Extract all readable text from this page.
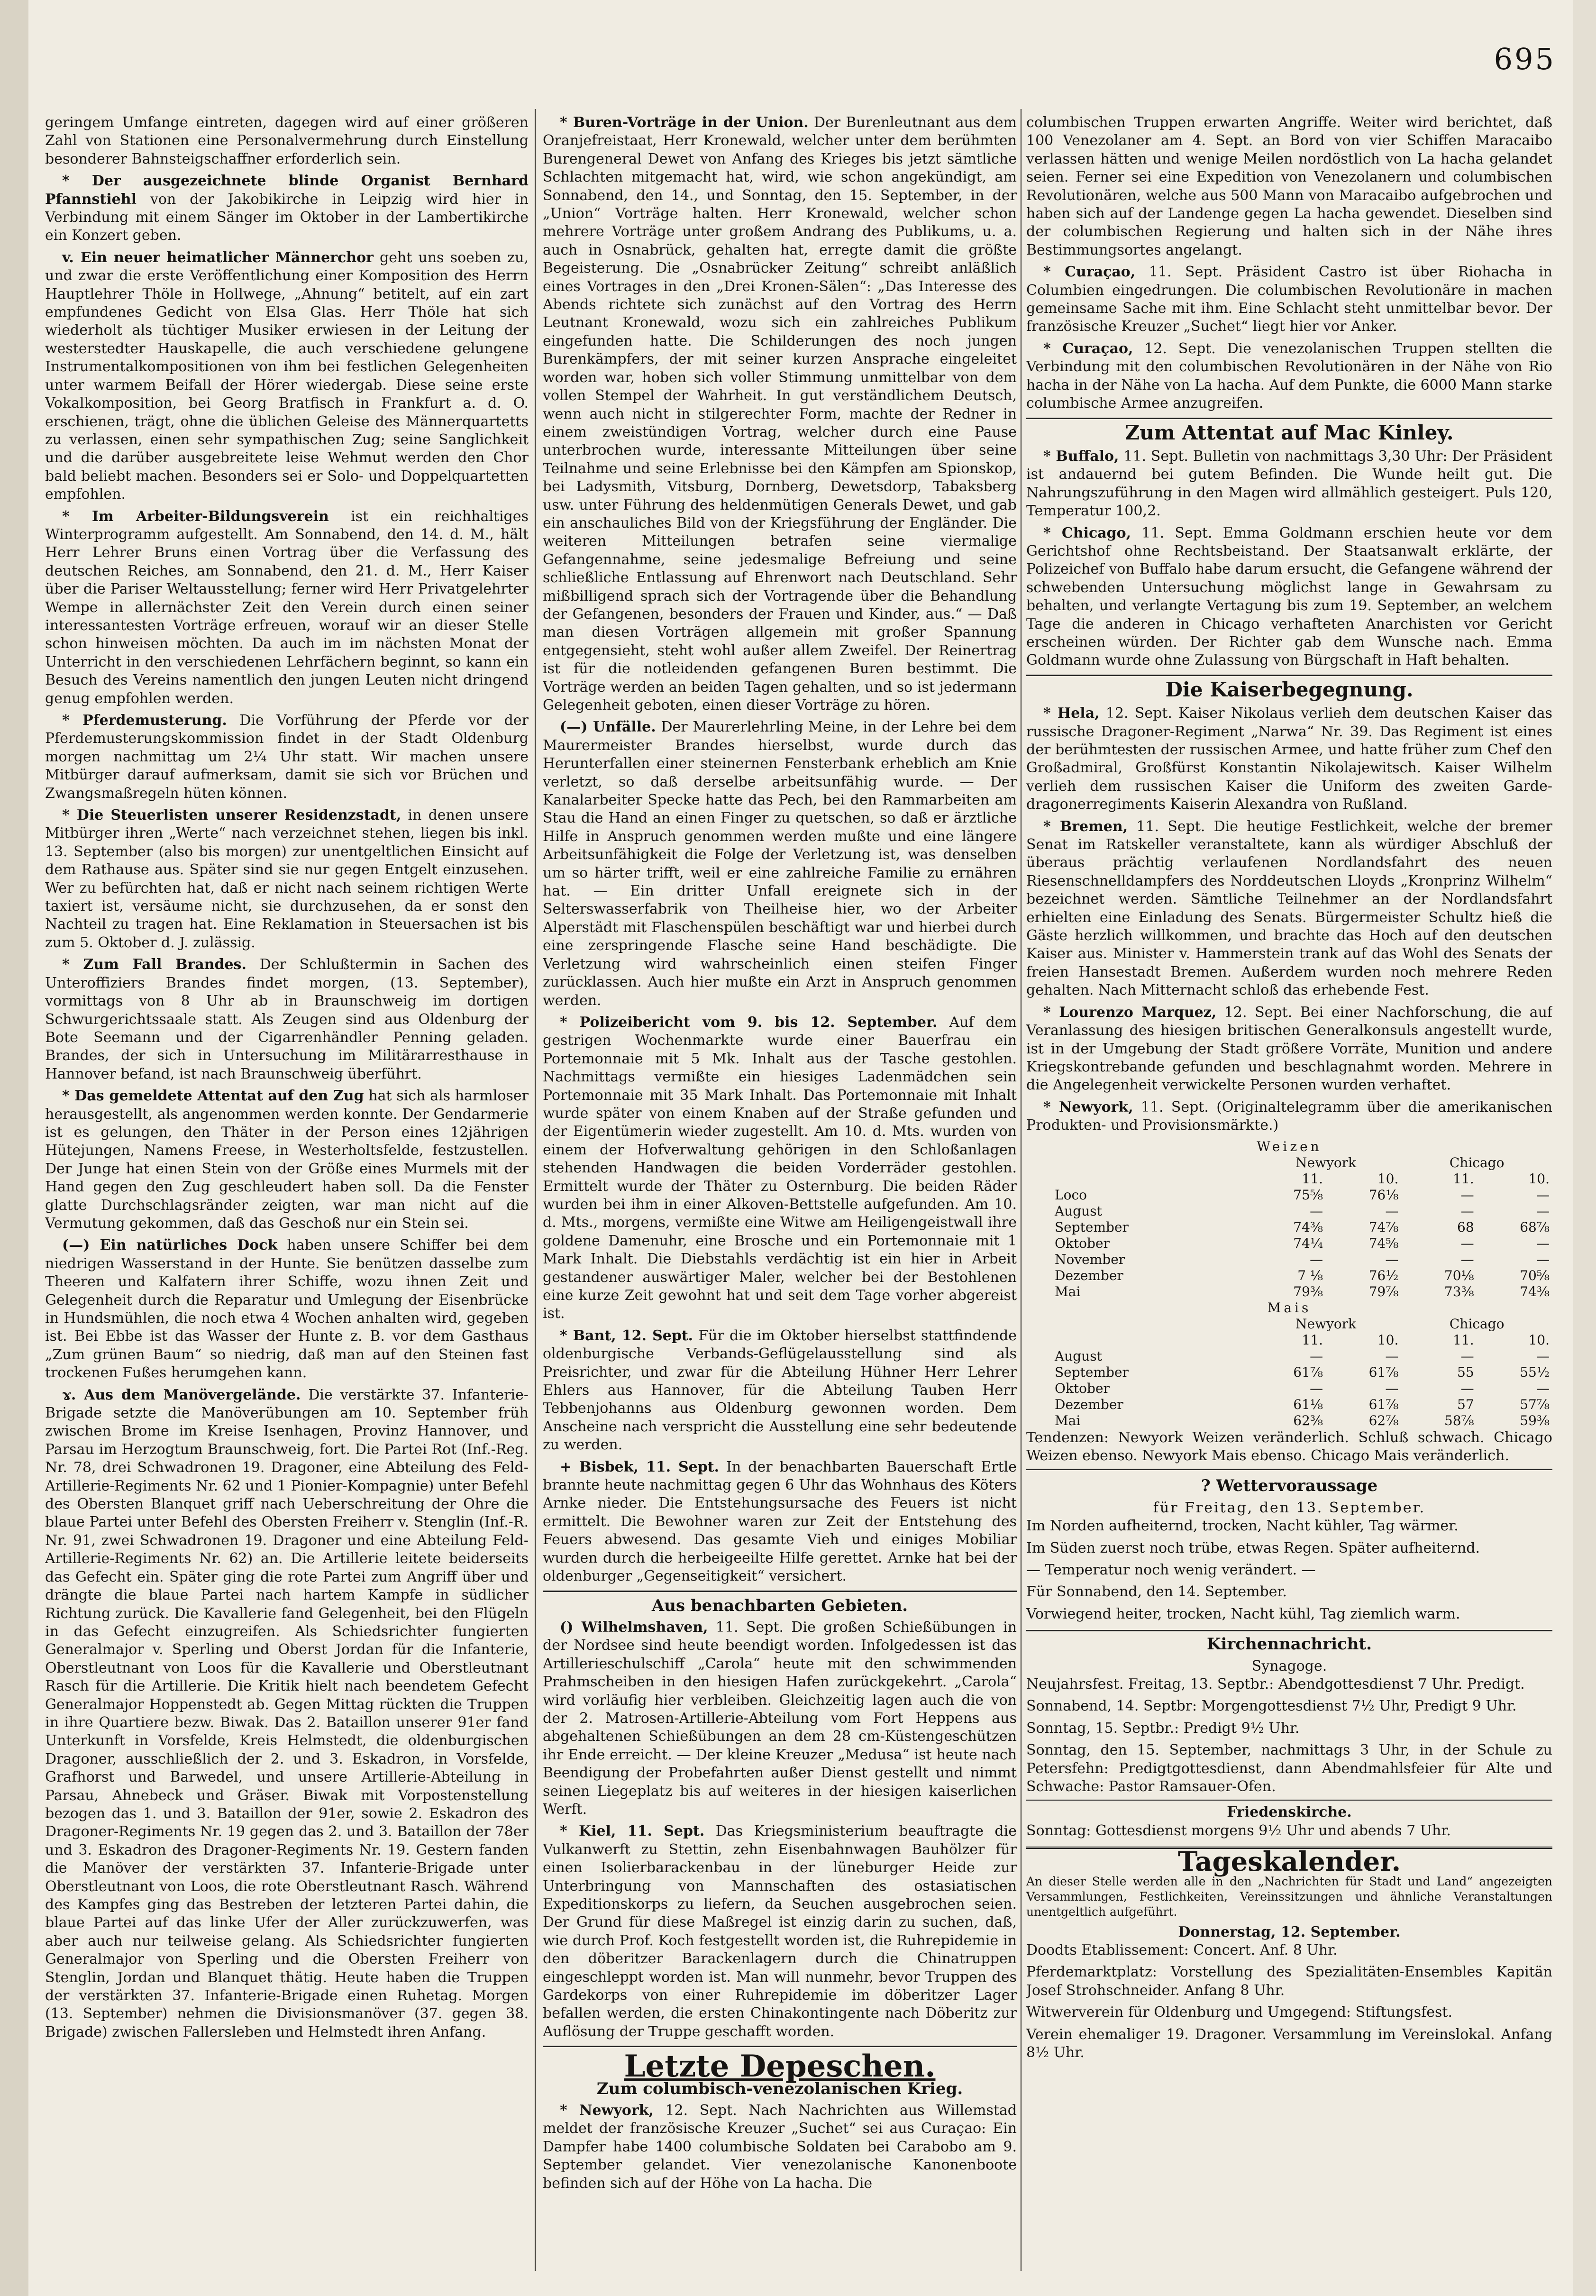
695

geringem Umfange eintreten, dagegen wird auf einer größeren Zahl von Stationen eine Personalvermehrung durch Einstellung besonderer Bahnsteigschaffner erforderlich sein.

* Der ausgezeichnete blinde Organist Bernhard Pfannstiehl von der Jakobikirche in Leipzig wird hier in Verbindung mit einem Sänger im Oktober in der Lambertikirche ein Konzert geben.

v. Ein neuer heimatlicher Männerchor geht uns soeben zu, und zwar die erste Veröffentlichung einer Komposition des Herrn Hauptlehrer Thöle in Hollwege, „Ahnung“ betitelt, auf ein zart empfundenes Gedicht von Elsa Glas. Herr Thöle hat sich wiederholt als tüchtiger Musiker erwiesen in der Leitung der westerstedter Hauskapelle, die auch verschiedene gelungene Instrumentalkompositionen von ihm bei festlichen Gelegenheiten unter warmem Beifall der Hörer wiedergab. Diese seine erste Vokalkomposition, bei Georg Bratfisch in Frankfurt a. d. O. erschienen, trägt, ohne die üblichen Geleise des Männerquartetts zu verlassen, einen sehr sympathischen Zug; seine Sanglichkeit und die darüber ausgebreitete leise Wehmut werden den Chor bald beliebt machen. Besonders sei er Solo- und Doppelquartetten empfohlen.

* Im Arbeiter-Bildungsverein ist ein reichhaltiges Winterprogramm aufgestellt. Am Sonnabend, den 14. d. M., hält Herr Lehrer Bruns einen Vortrag über die Verfassung des deutschen Reiches, am Sonnabend, den 21. d. M., Herr Kaiser über die Pariser Weltausstellung; ferner wird Herr Privatgelehrter Wempe in allernächster Zeit den Verein durch einen seiner interessantesten Vorträge erfreuen, worauf wir an dieser Stelle schon hinweisen möchten. Da auch im im nächsten Monat der Unterricht in den verschiedenen Lehrfächern beginnt, so kann ein Besuch des Vereins namentlich den jungen Leuten nicht dringend genug empfohlen werden.

* Pferdemusterung. Die Vorführung der Pferde vor der Pferdemusterungskommission findet in der Stadt Oldenburg morgen nachmittag um 2¼ Uhr statt. Wir machen unsere Mitbürger darauf aufmerksam, damit sie sich vor Brüchen und Zwangsmaßregeln hüten können.

* Die Steuerlisten unserer Residenzstadt, in denen unsere Mitbürger ihren „Werte“ nach verzeichnet stehen, liegen bis inkl. 13. September (also bis morgen) zur unentgeltlichen Einsicht auf dem Rathause aus. Später sind sie nur gegen Entgelt einzusehen. Wer zu befürchten hat, daß er nicht nach seinem richtigen Werte taxiert ist, versäume nicht, sie durchzusehen, da er sonst den Nachteil zu tragen hat. Eine Reklamation in Steuersachen ist bis zum 5. Oktober d. J. zulässig.

* Zum Fall Brandes. Der Schlußtermin in Sachen des Unteroffiziers Brandes findet morgen, (13. September), vormittags von 8 Uhr ab in Braunschweig im dortigen Schwurgerichtssaale statt. Als Zeugen sind aus Oldenburg der Bote Seemann und der Cigarrenhändler Penning geladen. Brandes, der sich in Untersuchung im Militärarresthause in Hannover befand, ist nach Braunschweig überführt.

* Das gemeldete Attentat auf den Zug hat sich als harmloser herausgestellt, als angenommen werden konnte. Der Gendarmerie ist es gelungen, den Thäter in der Person eines 12jährigen Hütejungen, Namens Freese, in Westerholtsfelde, festzustellen. Der Junge hat einen Stein von der Größe eines Murmels mit der Hand gegen den Zug geschleudert haben soll. Da die Fenster glatte Durchschlagsränder zeigten, war man nicht auf die Vermutung gekommen, daß das Geschoß nur ein Stein sei.

(—) Ein natürliches Dock haben unsere Schiffer bei dem niedrigen Wasserstand in der Hunte. Sie benützen dasselbe zum Theeren und Kalfatern ihrer Schiffe, wozu ihnen Zeit und Gelegenheit durch die Reparatur und Umlegung der Eisenbrücke in Hundsmühlen, die noch etwa 4 Wochen anhalten wird, gegeben ist. Bei Ebbe ist das Wasser der Hunte z. B. vor dem Gasthaus „Zum grünen Baum“ so niedrig, daß man auf den Steinen fast trockenen Fußes herumgehen kann.

ɤ. Aus dem Manövergelände. Die verstärkte 37. Infanterie-Brigade setzte die Manöverübungen am 10. September früh zwischen Brome im Kreise Isenhagen, Provinz Hannover, und Parsau im Herzogtum Braunschweig, fort. Die Partei Rot (Inf.-Reg. Nr. 78, drei Schwadronen 19. Dragoner, eine Abteilung des Feld-Artillerie-Regiments Nr. 62 und 1 Pionier-Kompagnie) unter Befehl des Obersten Blanquet griff nach Ueberschreitung der Ohre die blaue Partei unter Befehl des Obersten Freiherr v. Stenglin (Inf.-R. Nr. 91, zwei Schwadronen 19. Dragoner und eine Abteilung Feld-Artillerie-Regiments Nr. 62) an. Die Artillerie leitete beiderseits das Gefecht ein. Später ging die rote Partei zum Angriff über und drängte die blaue Partei nach hartem Kampfe in südlicher Richtung zurück. Die Kavallerie fand Gelegenheit, bei den Flügeln in das Gefecht einzugreifen. Als Schiedsrichter fungierten Generalmajor v. Sperling und Oberst Jordan für die Infanterie, Oberstleutnant von Loos für die Kavallerie und Oberstleutnant Rasch für die Artillerie. Die Kritik hielt nach beendetem Gefecht Generalmajor Hoppenstedt ab. Gegen Mittag rückten die Truppen in ihre Quartiere bezw. Biwak. Das 2. Bataillon unserer 91er fand Unterkunft in Vorsfelde, Kreis Helmstedt, die oldenburgischen Dragoner, ausschließlich der 2. und 3. Eskadron, in Vorsfelde, Grafhorst und Barwedel, und unsere Artillerie-Abteilung in Parsau, Ahnebeck und Gräser. Biwak mit Vorpostenstellung bezogen das 1. und 3. Bataillon der 91er, sowie 2. Eskadron des Dragoner-Regiments Nr. 19 gegen das 2. und 3. Bataillon der 78er und 3. Eskadron des Dragoner-Regiments Nr. 19. Gestern fanden die Manöver der verstärkten 37. Infanterie-Brigade unter Oberstleutnant von Loos, die rote Oberstleutnant Rasch. Während des Kampfes ging das Bestreben der letzteren Partei dahin, die blaue Partei auf das linke Ufer der Aller zurückzuwerfen, was aber auch nur teilweise gelang. Als Schiedsrichter fungierten Generalmajor von Sperling und die Obersten Freiherr von Stenglin, Jordan und Blanquet thätig. Heute haben die Truppen der verstärkten 37. Infanterie-Brigade einen Ruhetag. Morgen (13. September) nehmen die Divisionsmanöver (37. gegen 38. Brigade) zwischen Fallersleben und Helmstedt ihren Anfang.

* Buren-Vorträge in der Union. Der Burenleutnant aus dem Oranjefreistaat, Herr Kronewald, welcher unter dem berühmten Burengeneral Dewet von Anfang des Krieges bis jetzt sämtliche Schlachten mitgemacht hat, wird, wie schon angekündigt, am Sonnabend, den 14., und Sonntag, den 15. September, in der „Union“ Vorträge halten. Herr Kronewald, welcher schon mehrere Vorträge unter großem Andrang des Publikums, u. a. auch in Osnabrück, gehalten hat, erregte damit die größte Begeisterung. Die „Osnabrücker Zeitung“ schreibt anläßlich eines Vortrages in den „Drei Kronen-Sälen“: „Das Interesse des Abends richtete sich zunächst auf den Vortrag des Herrn Leutnant Kronewald, wozu sich ein zahlreiches Publikum eingefunden hatte. Die Schilderungen des noch jungen Burenkämpfers, der mit seiner kurzen Ansprache eingeleitet worden war, hoben sich voller Stimmung unmittelbar von dem vollen Stempel der Wahrheit. In gut verständlichem Deutsch, wenn auch nicht in stilgerechter Form, machte der Redner in einem zweistündigen Vortrag, welcher durch eine Pause unterbrochen wurde, interessante Mitteilungen über seine Teilnahme und seine Erlebnisse bei den Kämpfen am Spionskop, bei Ladysmith, Vitsburg, Dornberg, Dewetsdorp, Tabaksberg usw. unter Führung des heldenmütigen Generals Dewet, und gab ein anschauliches Bild von der Kriegsführung der Engländer. Die weiteren Mitteilungen betrafen seine viermalige Gefangennahme, seine jedesmalige Befreiung und seine schließliche Entlassung auf Ehrenwort nach Deutschland. Sehr mißbilligend sprach sich der Vortragende über die Behandlung der Gefangenen, besonders der Frauen und Kinder, aus.“ — Daß man diesen Vorträgen allgemein mit großer Spannung entgegensieht, steht wohl außer allem Zweifel. Der Reinertrag ist für die notleidenden gefangenen Buren bestimmt. Die Vorträge werden an beiden Tagen gehalten, und so ist jedermann Gelegenheit geboten, einen dieser Vorträge zu hören.

(—) Unfälle. Der Maurerlehrling Meine, in der Lehre bei dem Maurermeister Brandes hierselbst, wurde durch das Herunterfallen einer steinernen Fensterbank erheblich am Knie verletzt, so daß derselbe arbeitsunfähig wurde. — Der Kanalarbeiter Specke hatte das Pech, bei den Rammarbeiten am Stau die Hand an einen Finger zu quetschen, so daß er ärztliche Hilfe in Anspruch genommen werden mußte und eine längere Arbeitsunfähigkeit die Folge der Verletzung ist, was denselben um so härter trifft, weil er eine zahlreiche Familie zu ernähren hat. — Ein dritter Unfall ereignete sich in der Selterswasserfabrik von Theilheise hier, wo der Arbeiter Alperstädt mit Flaschenspülen beschäftigt war und hierbei durch eine zerspringende Flasche seine Hand beschädigte. Die Verletzung wird wahrscheinlich einen steifen Finger zurücklassen. Auch hier mußte ein Arzt in Anspruch genommen werden.

* Polizeibericht vom 9. bis 12. September. Auf dem gestrigen Wochenmarkte wurde einer Bauerfrau ein Portemonnaie mit 5 Mk. Inhalt aus der Tasche gestohlen. Nachmittags vermißte ein hiesiges Ladenmädchen sein Portemonnaie mit 35 Mark Inhalt. Das Portemonnaie mit Inhalt wurde später von einem Knaben auf der Straße gefunden und der Eigentümerin wieder zugestellt. Am 10. d. Mts. wurden von einem der Hofverwaltung gehörigen in den Schloßanlagen stehenden Handwagen die beiden Vorderräder gestohlen. Ermittelt wurde der Thäter zu Osternburg. Die beiden Räder wurden bei ihm in einer Alkoven-Bettstelle aufgefunden. Am 10. d. Mts., morgens, vermißte eine Witwe am Heiligengeistwall ihre goldene Damenuhr, eine Brosche und ein Portemonnaie mit 1 Mark Inhalt. Die Diebstahls verdächtig ist ein hier in Arbeit gestandener auswärtiger Maler, welcher bei der Bestohlenen eine kurze Zeit gewohnt hat und seit dem Tage vorher abgereist ist.

* Bant, 12. Sept. Für die im Oktober hierselbst stattfindende oldenburgische Verbands-Geflügelausstellung sind als Preisrichter, und zwar für die Abteilung Hühner Herr Lehrer Ehlers aus Hannover, für die Abteilung Tauben Herr Tebbenjohanns aus Oldenburg gewonnen worden. Dem Anscheine nach verspricht die Ausstellung eine sehr bedeutende zu werden.

+ Bisbek, 11. Sept. In der benachbarten Bauerschaft Ertle brannte heute nachmittag gegen 6 Uhr das Wohnhaus des Köters Arnke nieder. Die Entstehungsursache des Feuers ist nicht ermittelt. Die Bewohner waren zur Zeit der Entstehung des Feuers abwesend. Das gesamte Vieh und einiges Mobiliar wurden durch die herbeigeeilte Hilfe gerettet. Arnke hat bei der oldenburger „Gegenseitigkeit“ versichert.

Aus benachbarten Gebieten.

() Wilhelmshaven, 11. Sept. Die großen Schießübungen in der Nordsee sind heute beendigt worden. Infolgedessen ist das Artillerieschulschiff „Carola“ heute mit den schwimmenden Prahmscheiben in den hiesigen Hafen zurückgekehrt. „Carola“ wird vorläufig hier verbleiben. Gleichzeitig lagen auch die von der 2. Matrosen-Artillerie-Abteilung vom Fort Heppens aus abgehaltenen Schießübungen an dem 28 cm-Küstengeschützen ihr Ende erreicht. — Der kleine Kreuzer „Medusa“ ist heute nach Beendigung der Probefahrten außer Dienst gestellt und nimmt seinen Liegeplatz bis auf weiteres in der hiesigen kaiserlichen Werft.

* Kiel, 11. Sept. Das Kriegsministerium beauftragte die Vulkanwerft zu Stettin, zehn Eisenbahnwagen Bauhölzer für einen Isolierbarackenbau in der lüneburger Heide zur Unterbringung von Mannschaften des ostasiatischen Expeditionskorps zu liefern, da Seuchen ausgebrochen seien. Der Grund für diese Maßregel ist einzig darin zu suchen, daß, wie durch Prof. Koch festgestellt worden ist, die Ruhrepidemie in den döberitzer Barackenlagern durch die Chinatruppen eingeschleppt worden ist. Man will nunmehr, bevor Truppen des Gardekorps von einer Ruhrepidemie im döberitzer Lager befallen werden, die ersten Chinakontingente nach Döberitz zur Auflösung der Truppe geschafft worden.

Letzte Depeschen.
Zum columbisch-venezolanischen Krieg.

* Newyork, 12. Sept. Nach Nachrichten aus Willemstad meldet der französische Kreuzer „Suchet“ sei aus Curaçao: Ein Dampfer habe 1400 columbische Soldaten bei Carabobo am 9. September gelandet. Vier venezolanische Kanonenboote befinden sich auf der Höhe von La hacha. Die

columbischen Truppen erwarten Angriffe. Weiter wird berichtet, daß 100 Venezolaner am 4. Sept. an Bord von vier Schiffen Maracaibo verlassen hätten und wenige Meilen nordöstlich von La hacha gelandet seien. Ferner sei eine Expedition von Venezolanern und columbischen Revolutionären, welche aus 500 Mann von Maracaibo aufgebrochen und haben sich auf der Landenge gegen La hacha gewendet. Dieselben sind der columbischen Regierung und halten sich in der Nähe ihres Bestimmungsortes angelangt.

* Curaçao, 11. Sept. Präsident Castro ist über Riohacha in Columbien eingedrungen. Die columbischen Revolutionäre in machen gemeinsame Sache mit ihm. Eine Schlacht steht unmittelbar bevor. Der französische Kreuzer „Suchet“ liegt hier vor Anker.

* Curaçao, 12. Sept. Die venezolanischen Truppen stellten die Verbindung mit den columbischen Revolutionären in der Nähe von Rio hacha in der Nähe von La hacha. Auf dem Punkte, die 6000 Mann starke columbische Armee anzugreifen.

Zum Attentat auf Mac Kinley.

* Buffalo, 11. Sept. Bulletin von nachmittags 3,30 Uhr: Der Präsident ist andauernd bei gutem Befinden. Die Wunde heilt gut. Die Nahrungszuführung in den Magen wird allmählich gesteigert. Puls 120, Temperatur 100,2.

* Chicago, 11. Sept. Emma Goldmann erschien heute vor dem Gerichtshof ohne Rechtsbeistand. Der Staatsanwalt erklärte, der Polizeichef von Buffalo habe darum ersucht, die Gefangene während der schwebenden Untersuchung möglichst lange in Gewahrsam zu behalten, und verlangte Vertagung bis zum 19. September, an welchem Tage die anderen in Chicago verhafteten Anarchisten vor Gericht erscheinen würden. Der Richter gab dem Wunsche nach. Emma Goldmann wurde ohne Zulassung von Bürgschaft in Haft behalten.

Die Kaiserbegegnung.

* Hela, 12. Sept. Kaiser Nikolaus verlieh dem deutschen Kaiser das russische Dragoner-Regiment „Narwa“ Nr. 39. Das Regiment ist eines der berühmtesten der russischen Armee, und hatte früher zum Chef den Großadmiral, Großfürst Konstantin Nikolajewitsch. Kaiser Wilhelm verlieh dem russischen Kaiser die Uniform des zweiten Garde-dragonerregiments Kaiserin Alexandra von Rußland.

* Bremen, 11. Sept. Die heutige Festlichkeit, welche der bremer Senat im Ratskeller veranstaltete, kann als würdiger Abschluß der überaus prächtig verlaufenen Nordlandsfahrt des neuen Riesenschnelldampfers des Norddeutschen Lloyds „Kronprinz Wilhelm“ bezeichnet werden. Sämtliche Teilnehmer an der Nordlandsfahrt erhielten eine Einladung des Senats. Bürgermeister Schultz hieß die Gäste herzlich willkommen, und brachte das Hoch auf den deutschen Kaiser aus. Minister v. Hammerstein trank auf das Wohl des Senats der freien Hansestadt Bremen. Außerdem wurden noch mehrere Reden gehalten. Nach Mitternacht schloß das erhebende Fest.

* Lourenzo Marquez, 12. Sept. Bei einer Nachforschung, die auf Veranlassung des hiesigen britischen Generalkonsuls angestellt wurde, ist in der Umgebung der Stadt größere Vorräte, Munition und andere Kriegskontrebande gefunden und beschlagnahmt worden. Mehrere in die Angelegenheit verwickelte Personen wurden verhaftet.

* Newyork, 11. Sept. (Originaltelegramm über die amerikanischen Produkten- und Provisionsmärkte.)

Weizen				
	Newyork		Chicago	
	11.	10.	11.	10.
Loco	75⅝	76⅛	—	—
August	—	—	—	—
September	74⅜	74⅞	68	68⅞
Oktober	74¼	74⅝	—	—
November	—	—	—	—
Dezember	7 ⅛	76½	70⅛	70⅝
Mai	79⅜	79⅞	73⅜	74⅜
Mais				
	Newyork		Chicago	
	11.	10.	11.	10.
August	—	—	—	—
September	61⅞	61⅞	55	55½
Oktober	—	—	—	—
Dezember	61⅛	61⅞	57	57⅞
Mai	62⅜	62⅞	58⅞	59⅜

Tendenzen: Newyork Weizen veränderlich. Schluß schwach. Chicago Weizen ebenso. Newyork Mais ebenso. Chicago Mais veränderlich.

? Wettervoraussage
für Freitag, den 13. September.

Im Norden aufheiternd, trocken, Nacht kühler, Tag wärmer.

Im Süden zuerst noch trübe, etwas Regen. Später aufheiternd.

— Temperatur noch wenig verändert. —

Für Sonnabend, den 14. September.

Vorwiegend heiter, trocken, Nacht kühl, Tag ziemlich warm.

Kirchennachricht.
Synagoge.

Neujahrsfest. Freitag, 13. Septbr.: Abendgottesdienst 7 Uhr. Predigt.

Sonnabend, 14. Septbr: Morgengottesdienst 7½ Uhr, Predigt 9 Uhr.

Sonntag, 15. Septbr.: Predigt 9½ Uhr.

Sonntag, den 15. September, nachmittags 3 Uhr, in der Schule zu Petersfehn: Predigtgottesdienst, dann Abendmahlsfeier für Alte und Schwache: Pastor Ramsauer-Ofen.

Friedenskirche.

Sonntag: Gottesdienst morgens 9½ Uhr und abends 7 Uhr.

Tageskalender.

An dieser Stelle werden alle in den „Nachrichten für Stadt und Land“ angezeigten Versammlungen, Festlichkeiten, Vereinssitzungen und ähnliche Veranstaltungen unentgeltlich aufgeführt.

Donnerstag, 12. September.

Doodts Etablissement: Concert. Anf. 8 Uhr.

Pferdemarktplatz: Vorstellung des Spezialitäten-Ensembles Kapitän Josef Strohschneider. Anfang 8 Uhr.

Witwerverein für Oldenburg und Umgegend: Stiftungsfest.

Verein ehemaliger 19. Dragoner. Versammlung im Vereinslokal. Anfang 8½ Uhr.
